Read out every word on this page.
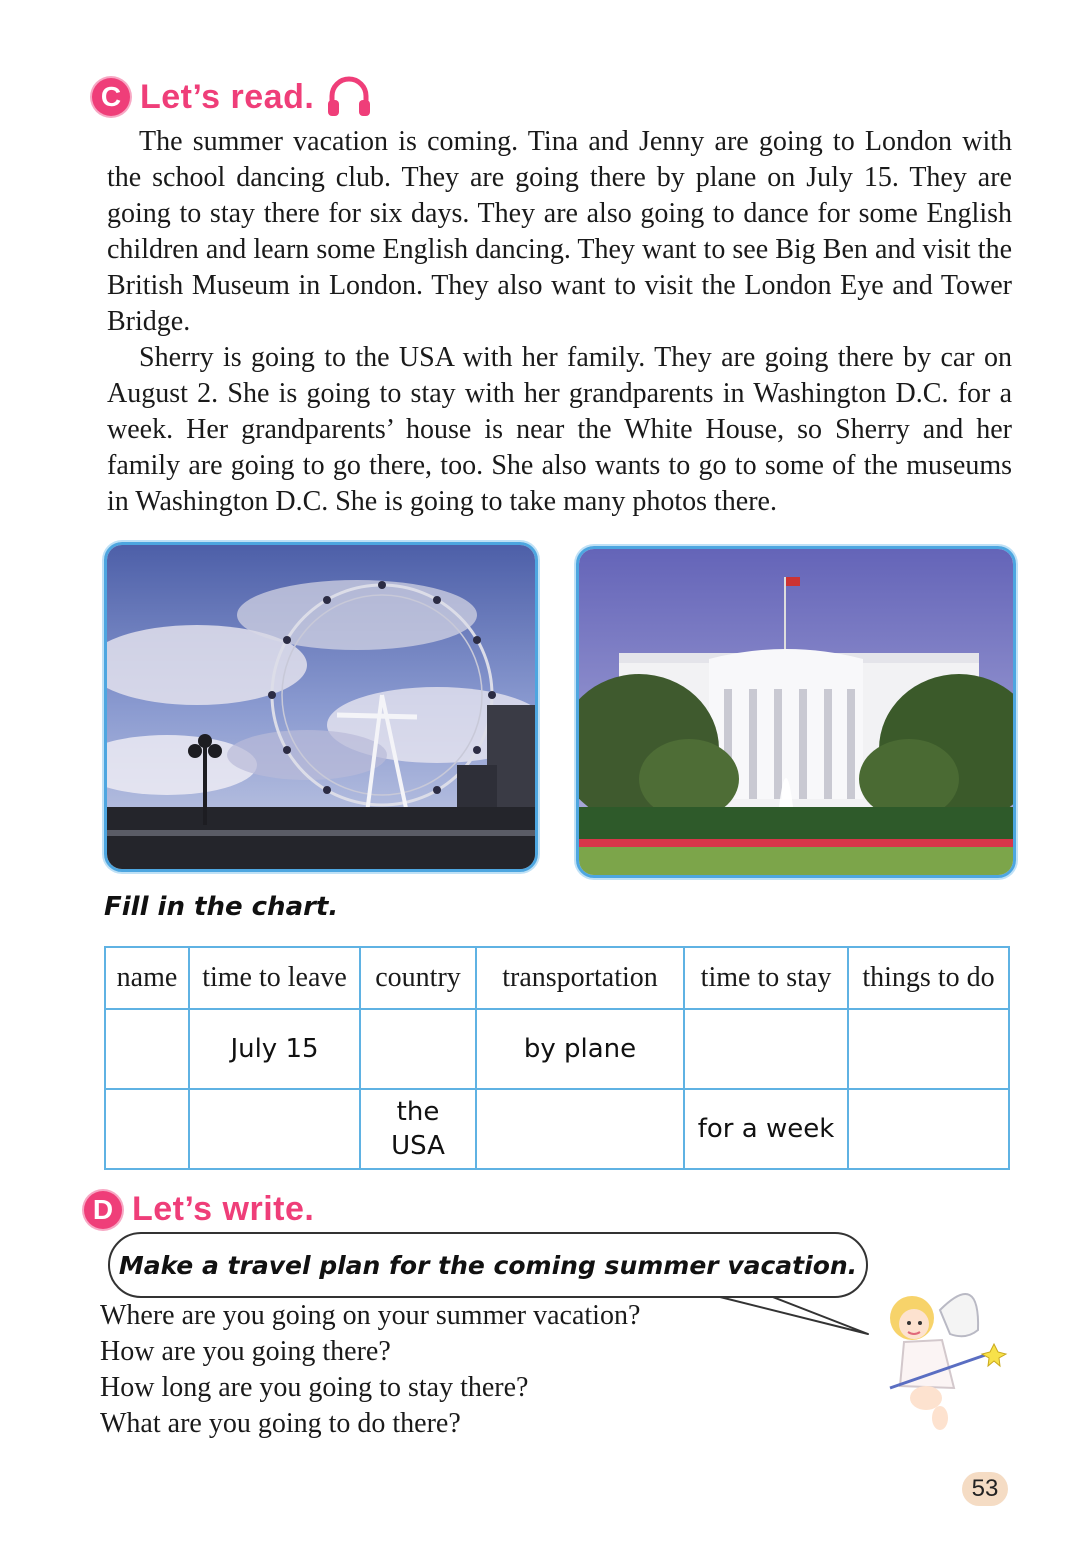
C Let’s read.
The summer vacation is coming. Tina and Jenny are going to London with the school dancing club. They are going there by plane on July 15. They are going to stay there for six days. They are also going to dance for some English children and learn some English dancing. They want to see Big Ben and visit the British Museum in London. They also want to visit the London Eye and Tower Bridge.
Sherry is going to the USA with her family. They are going there by car on August 2. She is going to stay with her grandparents in Washington D.C. for a week. Her grandparents’ house is near the White House, so Sherry and her family are going to go there, too. She also wants to go to some of the museums in Washington D.C. She is going to take many photos there.
Fill in the chart.
name	time to leave	country	transportation	time to stay	things to do
	July 15		by plane		
		the USA		for a week	
D Let’s write.
Make a travel plan for the coming summer vacation.
Where are you going on your summer vacation?
How are you going there?
How long are you going to stay there?
What are you going to do there?
53
